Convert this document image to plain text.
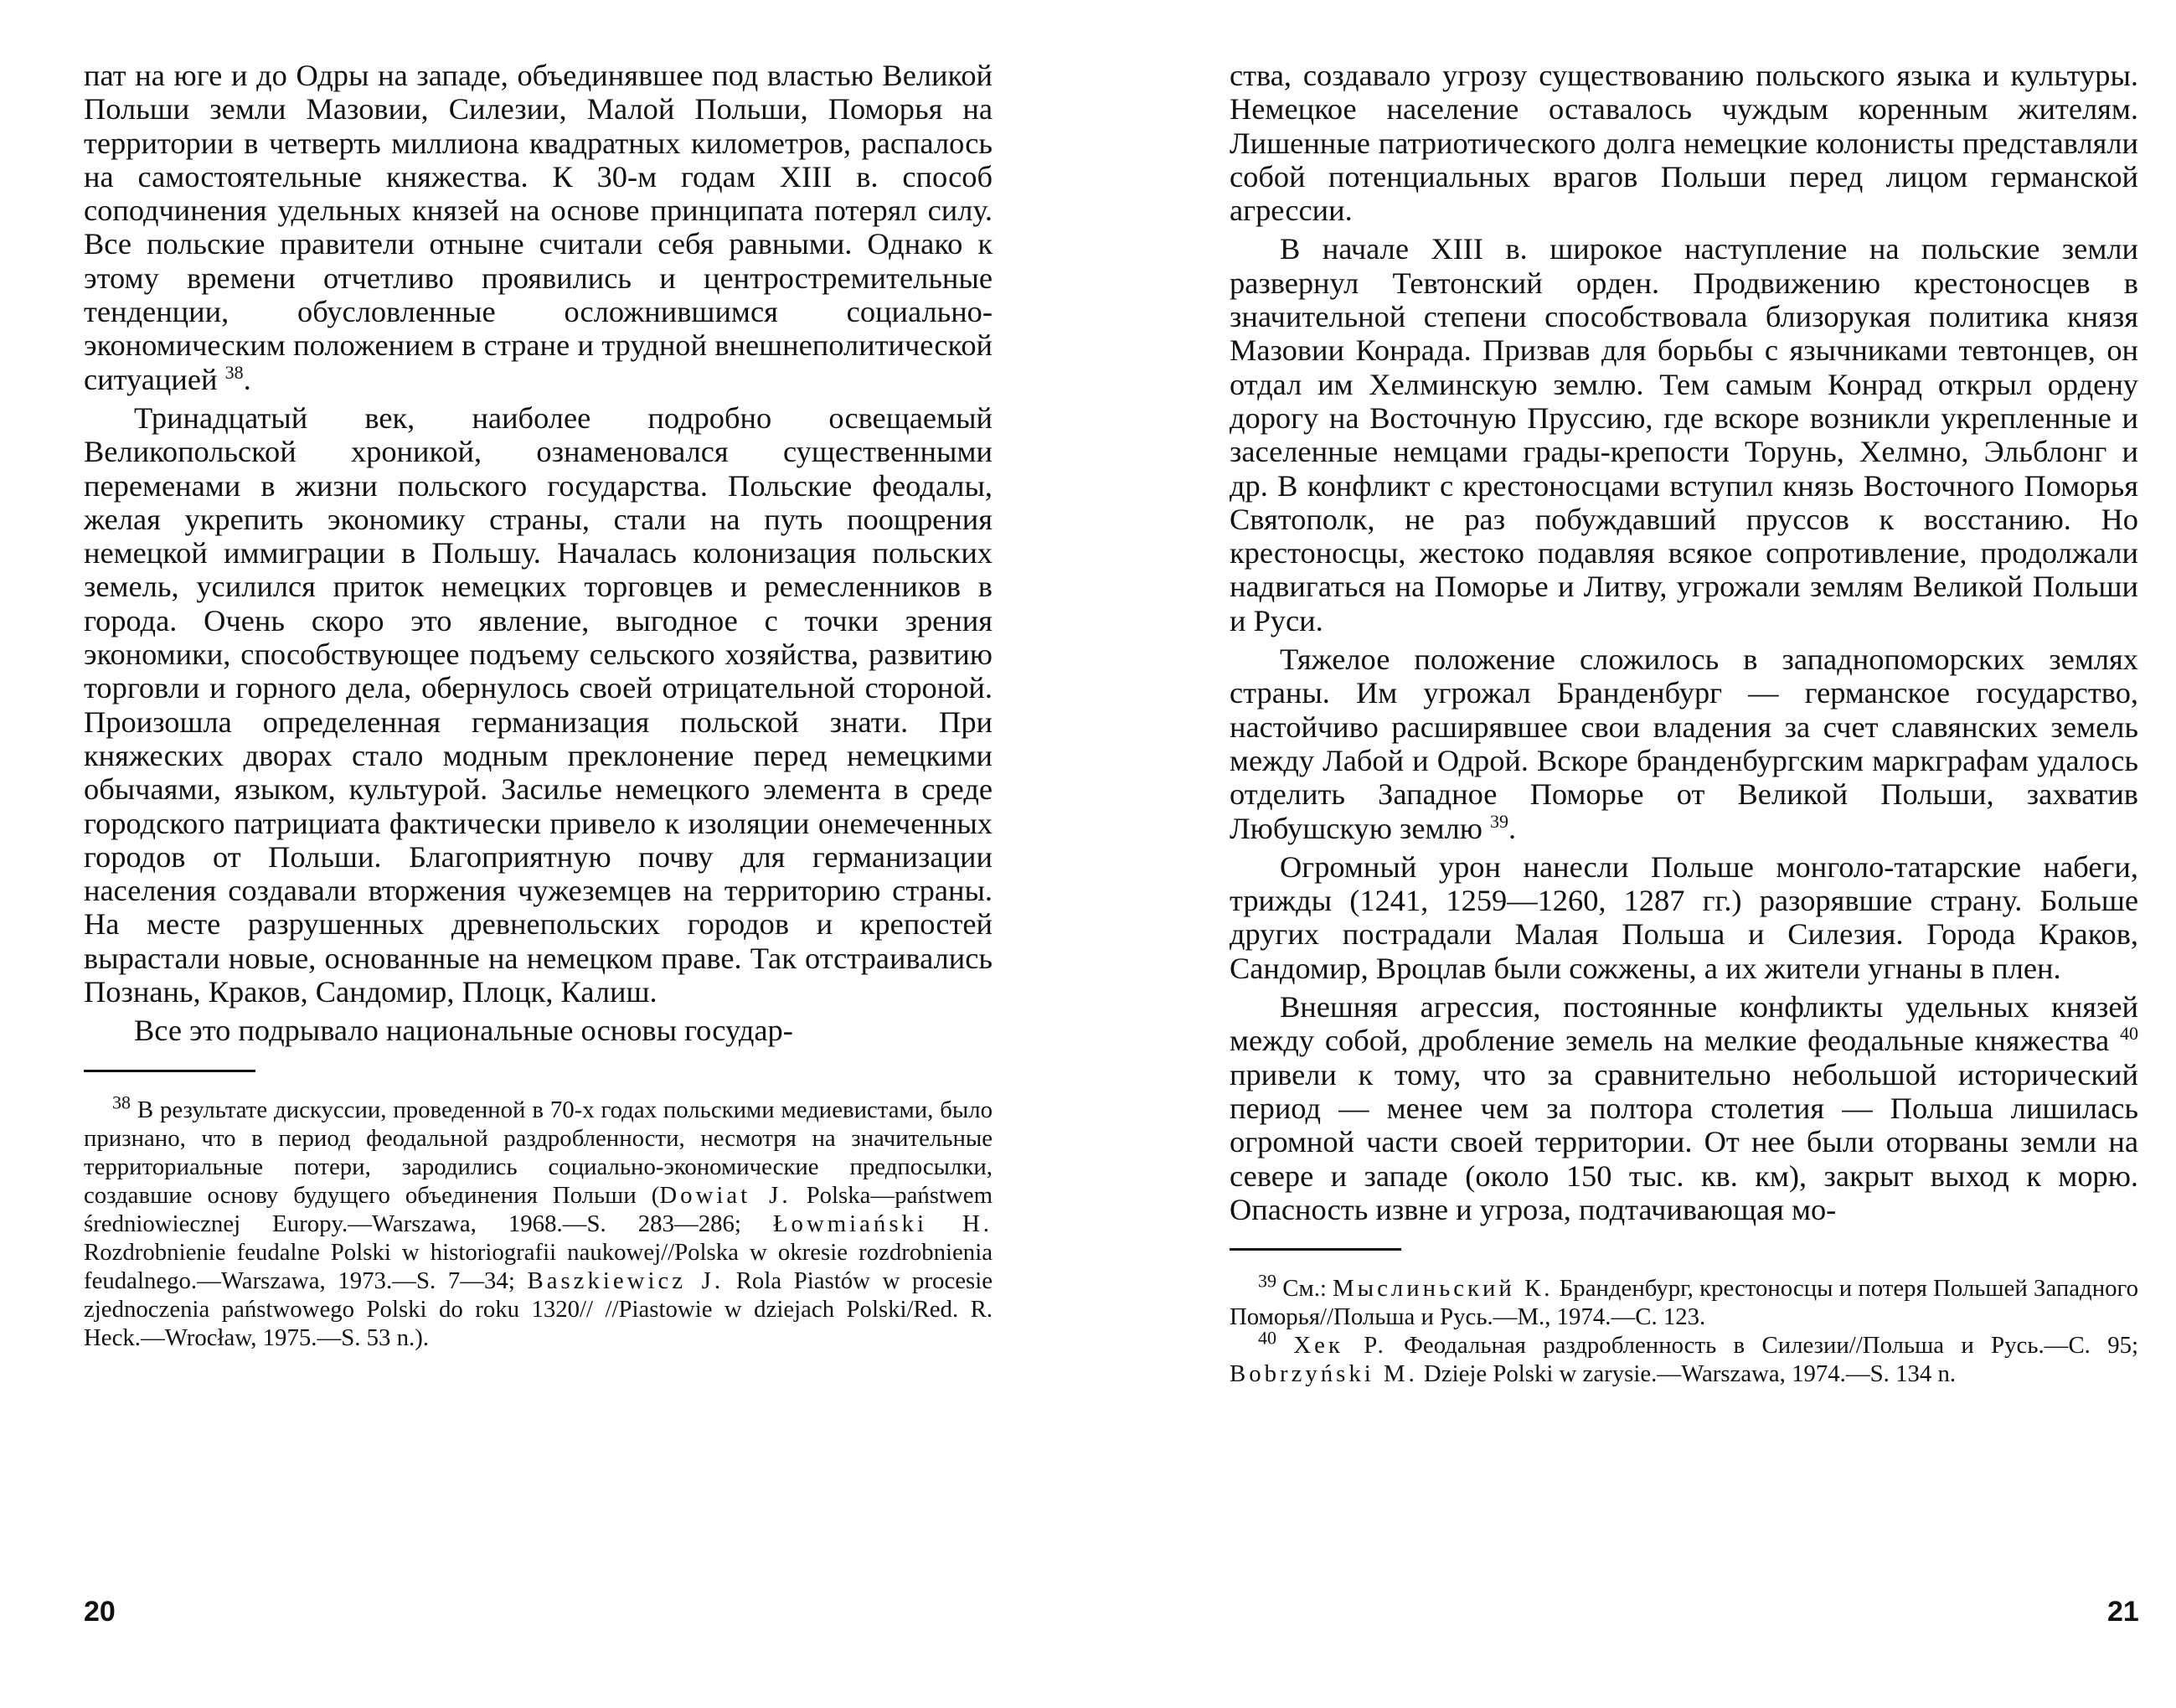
пат на юге и до Одры на западе, объединявшее под властью Великой Польши земли Мазовии, Силезии, Малой Польши, Поморья на территории в четверть миллиона квадратных километров, распалось на самостоятельные княжества. К 30-м годам XIII в. способ соподчинения удельных князей на основе принципата потерял силу. Все польские правители отныне считали себя равными. Однако к этому времени отчетливо проявились и центростремительные тенденции, обусловленные осложнившимся социально-экономическим положением в стране и трудной внешнеполитической ситуацией $^{38}$.

Тринадцатый век, наиболее подробно освещаемый Великопольской хроникой, ознаменовался существенными переменами в жизни польского государства. Польские феодалы, желая укрепить экономику страны, стали на путь поощрения немецкой иммиграции в Польшу. Началась колонизация польских земель, усилился приток немецких торговцев и ремесленников в города. Очень скоро это явление, выгодное с точки зрения экономики, способствующее подъему сельского хозяйства, развитию торговли и горного дела, обернулось своей отрицательной стороной. Произошла определенная германизация польской знати. При княжеских дворах стало модным преклонение перед немецкими обычаями, языком, культурой. Засилье немецкого элемента в среде городского патрициата фактически привело к изоляции онемеченных городов от Польши. Благоприятную почву для германизации населения создавали вторжения чужеземцев на территорию страны. На месте разрушенных древнепольских городов и крепостей вырастали новые, основанные на немецком праве. Так отстраивались Познань, Краков, Сандомир, Плоцк, Калиш.

Все это подрывало национальные основы государ-

$^{38}$ В результате дискуссии, проведенной в 70-х годах польскими медиевистами, было признано, что в период феодальной раздробленности, несмотря на значительные территориальные потери, зародились социально-экономические предпосылки, создавшие основу будущего объединения Польши (Dowiat J. Polska—państwem średniowiecznej Europy.—Warszawa, 1968.—S. 283—286; Łowmiański H. Rozdrobnienie feudalne Polski w historiografii naukowej//Polska w okresie rozdrobnienia feudalnego.—Warszawa, 1973.—S. 7—34; Baszkiewicz J. Rola Piastów w procesie zjednoczenia państwowego Polski do roku 1320// //Piastowie w dziejach Polski/Red. R. Heck.—Wrocław, 1975.—S. 53 n.).

20

ства, создавало угрозу существованию польского языка и культуры. Немецкое население оставалось чуждым коренным жителям. Лишенные патриотического долга немецкие колонисты представляли собой потенциальных врагов Польши перед лицом германской агрессии.

В начале XIII в. широкое наступление на польские земли развернул Тевтонский орден. Продвижению крестоносцев в значительной степени способствовала близорукая политика князя Мазовии Конрада. Призвав для борьбы с язычниками тевтонцев, он отдал им Хелминскую землю. Тем самым Конрад открыл ордену дорогу на Восточную Пруссию, где вскоре возникли укрепленные и заселенные немцами грады-крепости Торунь, Хелмно, Эльблонг и др. В конфликт с крестоносцами вступил князь Восточного Поморья Святополк, не раз побуждавший пруссов к восстанию. Но крестоносцы, жестоко подавляя всякое сопротивление, продолжали надвигаться на Поморье и Литву, угрожали землям Великой Польши и Руси.

Тяжелое положение сложилось в западнопоморских землях страны. Им угрожал Бранденбург — германское государство, настойчиво расширявшее свои владения за счет славянских земель между Лабой и Одрой. Вскоре бранденбургским маркграфам удалось отделить Западное Поморье от Великой Польши, захватив Любушскую землю $^{39}$.

Огромный урон нанесли Польше монголо-татарские набеги, трижды (1241, 1259—1260, 1287 гг.) разорявшие страну. Больше других пострадали Малая Польша и Силезия. Города Краков, Сандомир, Вроцлав были сожжены, а их жители угнаны в плен.

Внешняя агрессия, постоянные конфликты удельных князей между собой, дробление земель на мелкие феодальные княжества $^{40}$ привели к тому, что за сравнительно небольшой исторический период — менее чем за полтора столетия — Польша лишилась огромной части своей территории. От нее были оторваны земли на севере и западе (около 150 тыс. кв. км), закрыт выход к морю. Опасность извне и угроза, подтачивающая мо-

$^{39}$ См.: Мыслиньский К. Бранденбург, крестоносцы и потеря Польшей Западного Поморья//Польша и Русь.—М., 1974.—С. 123.

$^{40}$ Хек Р. Феодальная раздробленность в Силезии//Польша и Русь.—С. 95; Bobrzyński M. Dzieje Polski w zarysie.—Warszawa, 1974.—S. 134 n.

21
